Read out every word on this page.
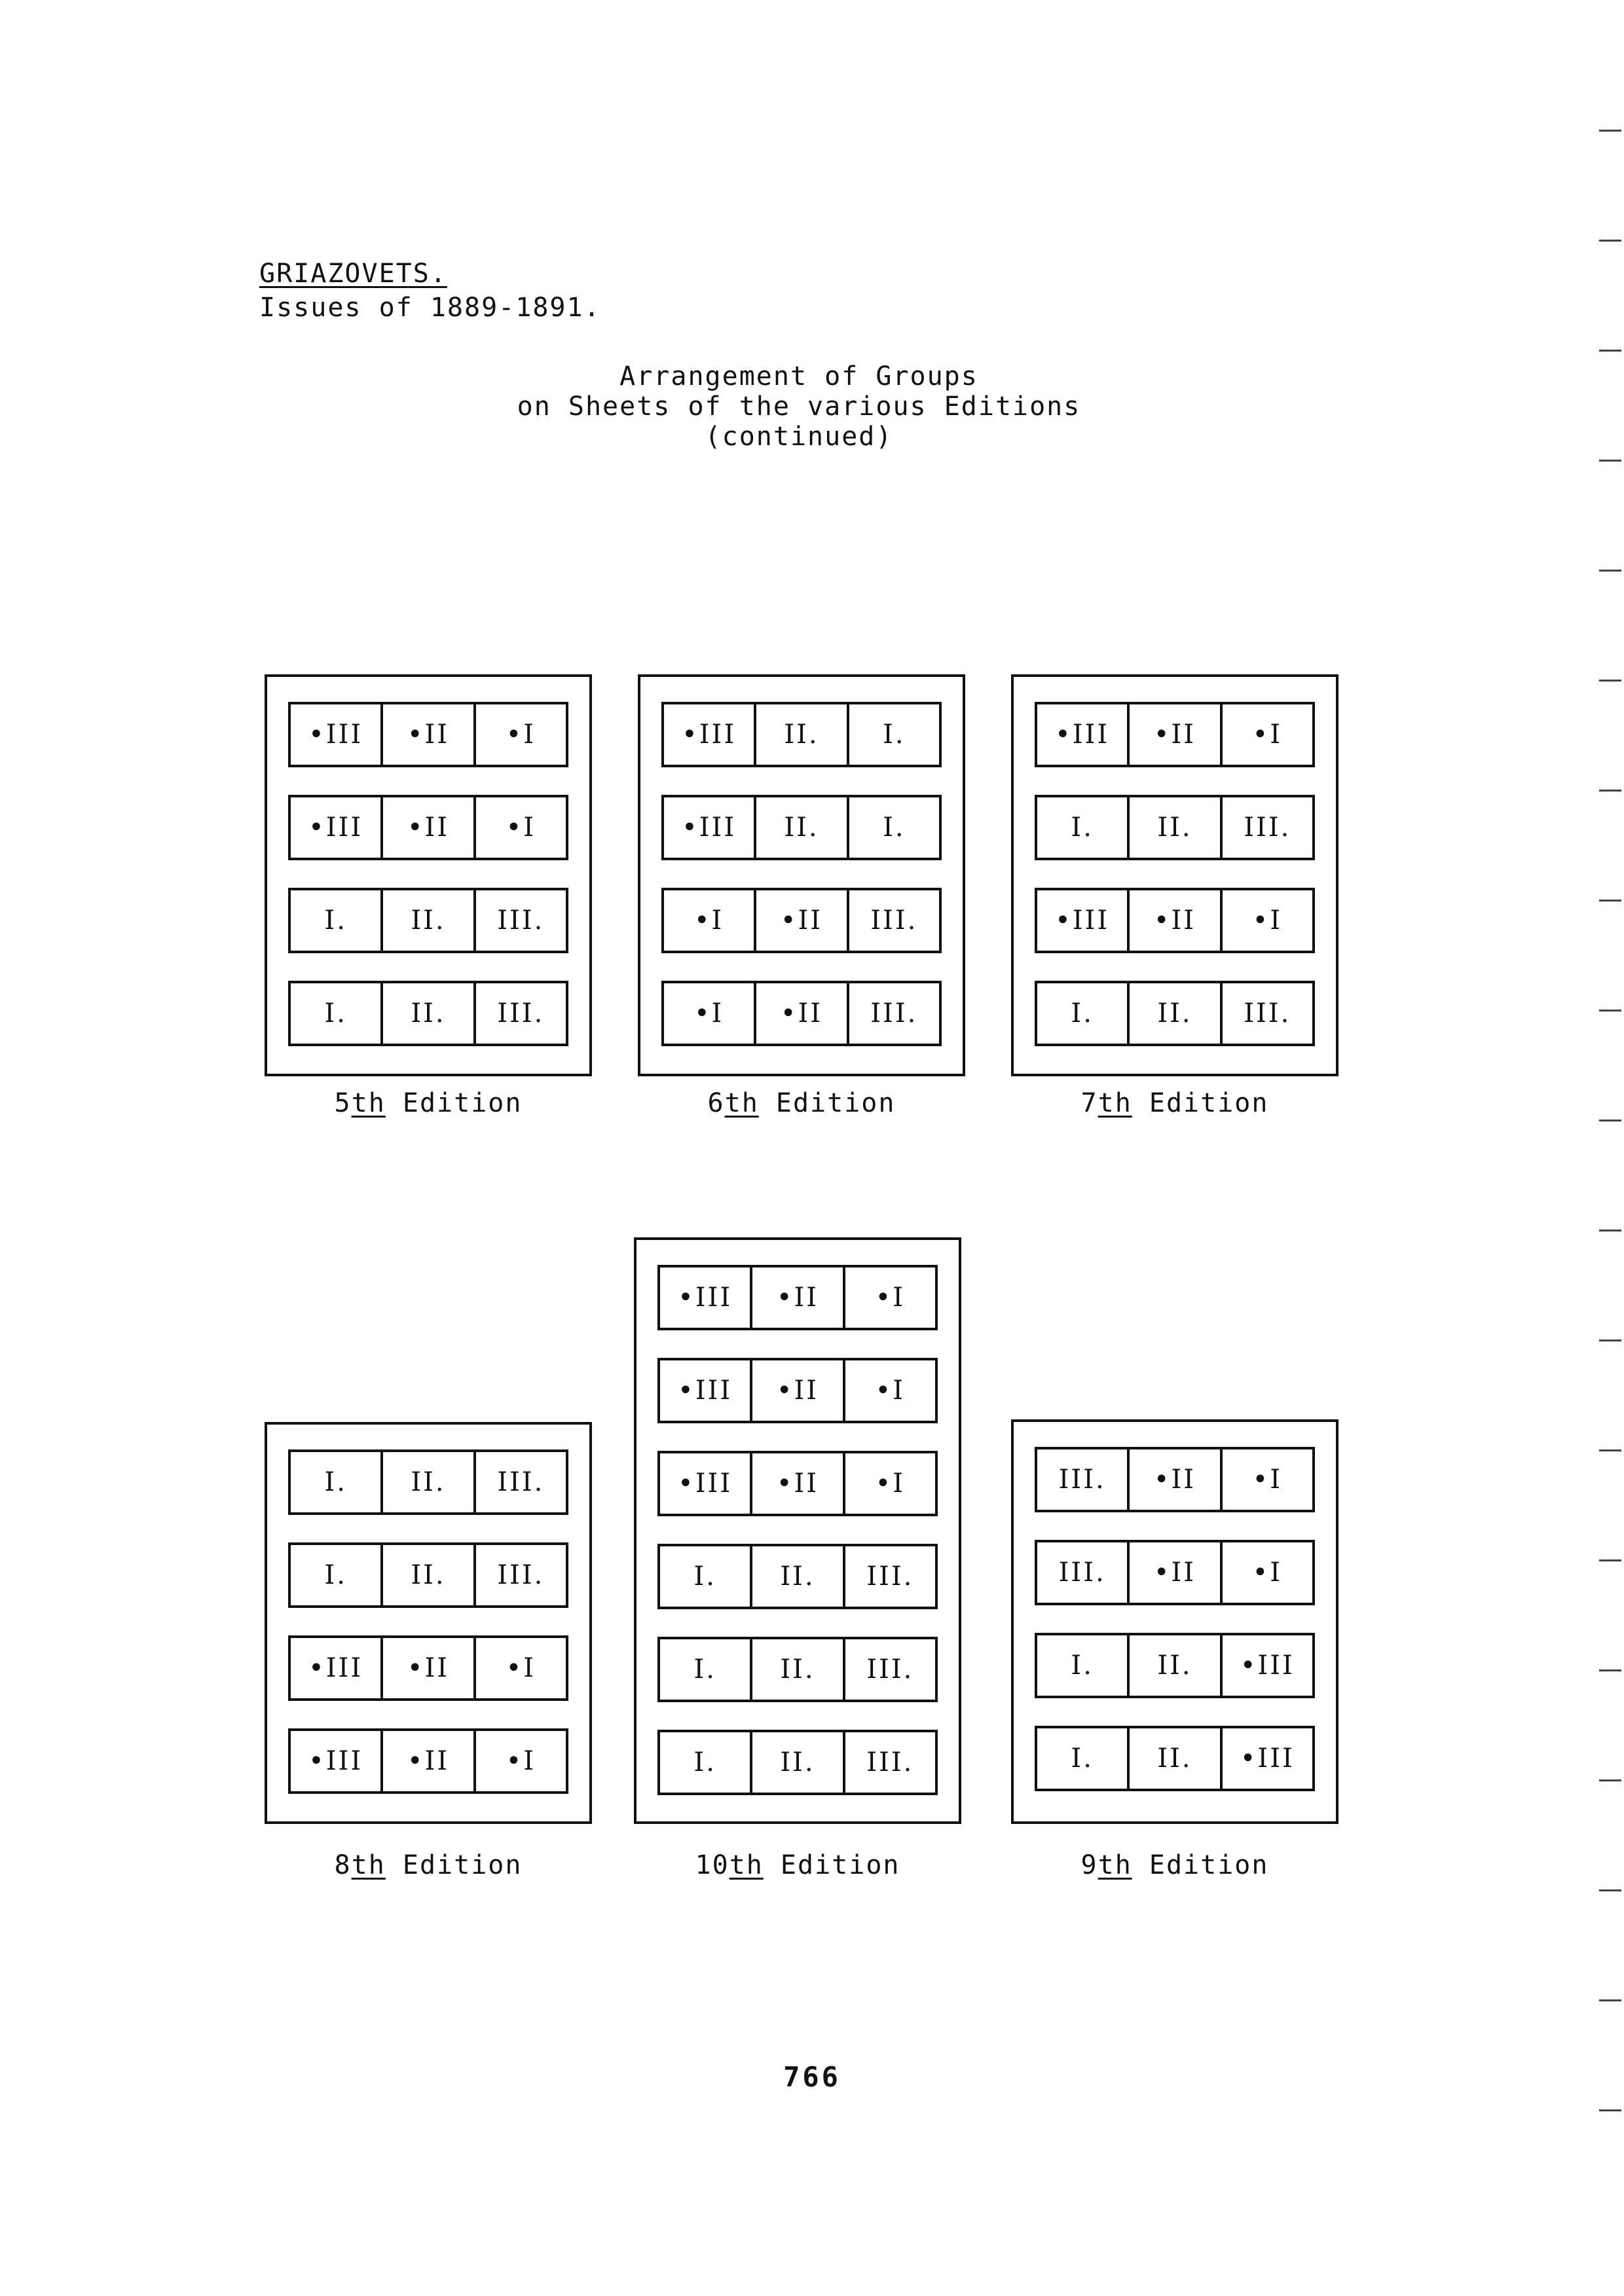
GRIAZOVETS.
Issues of 1889-1891.
Arrangement of Groups
on Sheets of the various Editions
(continued)
•III	•II	•I
•III	•II	•I
I.	II.	III.
I.	II.	III.
5th Edition
•III	II.	I.
•III	II.	I.
•I	•II	III.
•I	•II	III.
6th Edition
•III	•II	•I
I.	II.	III.
•III	•II	•I
I.	II.	III.
7th Edition
I.	II.	III.
I.	II.	III.
•III	•II	•I
•III	•II	•I
8th Edition
•III	•II	•I
•III	•II	•I
•III	•II	•I
I.	II.	III.
I.	II.	III.
I.	II.	III.
10th Edition
III.	•II	•I
III.	•II	•I
I.	II.	•III
I.	II.	•III
9th Edition
766
